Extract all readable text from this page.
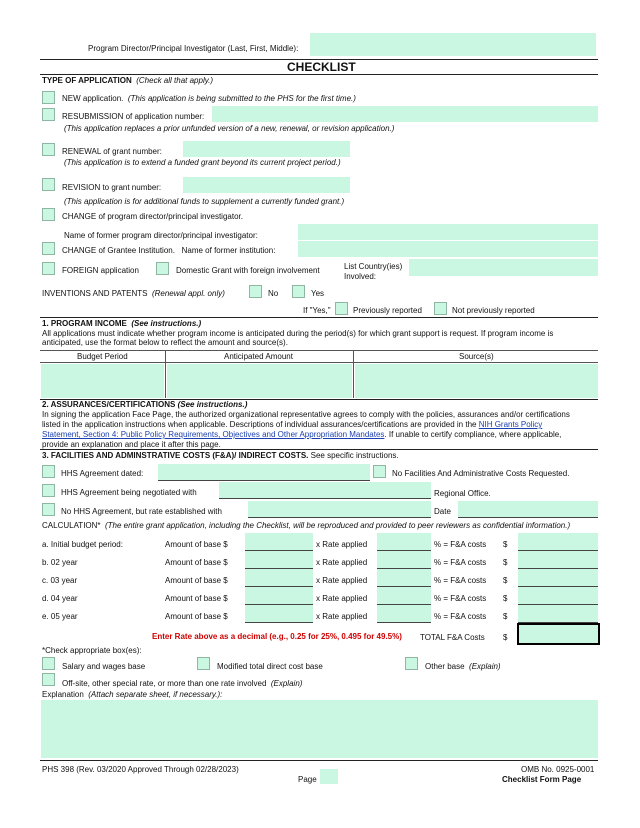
Program Director/Principal Investigator (Last, First, Middle):
CHECKLIST
TYPE OF APPLICATION (Check all that apply.)
NEW application. (This application is being submitted to the PHS for the first time.)
RESUBMISSION of application number:
(This application replaces a prior unfunded version of a new, renewal, or revision application.)
RENEWAL of grant number:
(This application is to extend a funded grant beyond its current project period.)
REVISION to grant number:
(This application is for additional funds to supplement a currently funded grant.)
CHANGE of program director/principal investigator.
Name of former program director/principal investigator:
CHANGE of Grantee Institution. Name of former institution:
FOREIGN application	Domestic Grant with foreign involvement	List Country(ies)
Involved:
INVENTIONS AND PATENTS (Renewal appl. only)	No	Yes
If "Yes,"	Previously reported	Not previously reported
1. PROGRAM INCOME (See instructions.)
All applications must indicate whether program income is anticipated during the period(s) for which grant support is request. If program income is
anticipated, use the format below to reflect the amount and source(s).
Budget Period	Anticipated Amount	Source(s)
2. ASSURANCES/CERTIFICATIONS (See instructions.)
In signing the application Face Page, the authorized organizational representative agrees to comply with the policies, assurances and/or certifications
listed in the application instructions when applicable. Descriptions of individual assurances/certifications are provided in the NIH Grants Policy
Statement, Section 4: Public Policy Requirements, Objectives and Other Appropriation Mandates. If unable to certify compliance, where applicable,
provide an explanation and place it after this page.
3. FACILITIES AND ADMINSTRATIVE COSTS (F&A)/ INDIRECT COSTS. See specific instructions.
HHS Agreement dated:	No Facilities And Administrative Costs Requested.
HHS Agreement being negotiated with	Regional Office.
No HHS Agreement, but rate established with	Date
CALCULATION* (The entire grant application, including the Checklist, will be reproduced and provided to peer reviewers as confidential information.)
a. Initial budget period:	Amount of base $	x Rate applied	% = F&A costs $
b. 02 year	Amount of base $	x Rate applied	% = F&A costs $
c. 03 year	Amount of base $	x Rate applied	% = F&A costs $
d. 04 year	Amount of base $	x Rate applied	% = F&A costs $
e. 05 year	Amount of base $	x Rate applied	% = F&A costs $
Enter Rate above as a decimal (e.g., 0.25 for 25%, 0.495 for 49.5%) TOTAL F&A Costs $
*Check appropriate box(es):
Salary and wages base	Modified total direct cost base	Other base (Explain)
Off-site, other special rate, or more than one rate involved (Explain)
Explanation (Attach separate sheet, if necessary.):
PHS 398 (Rev. 03/2020 Approved Through 02/28/2023)	OMB No. 0925-0001
Page	Checklist Form Page
